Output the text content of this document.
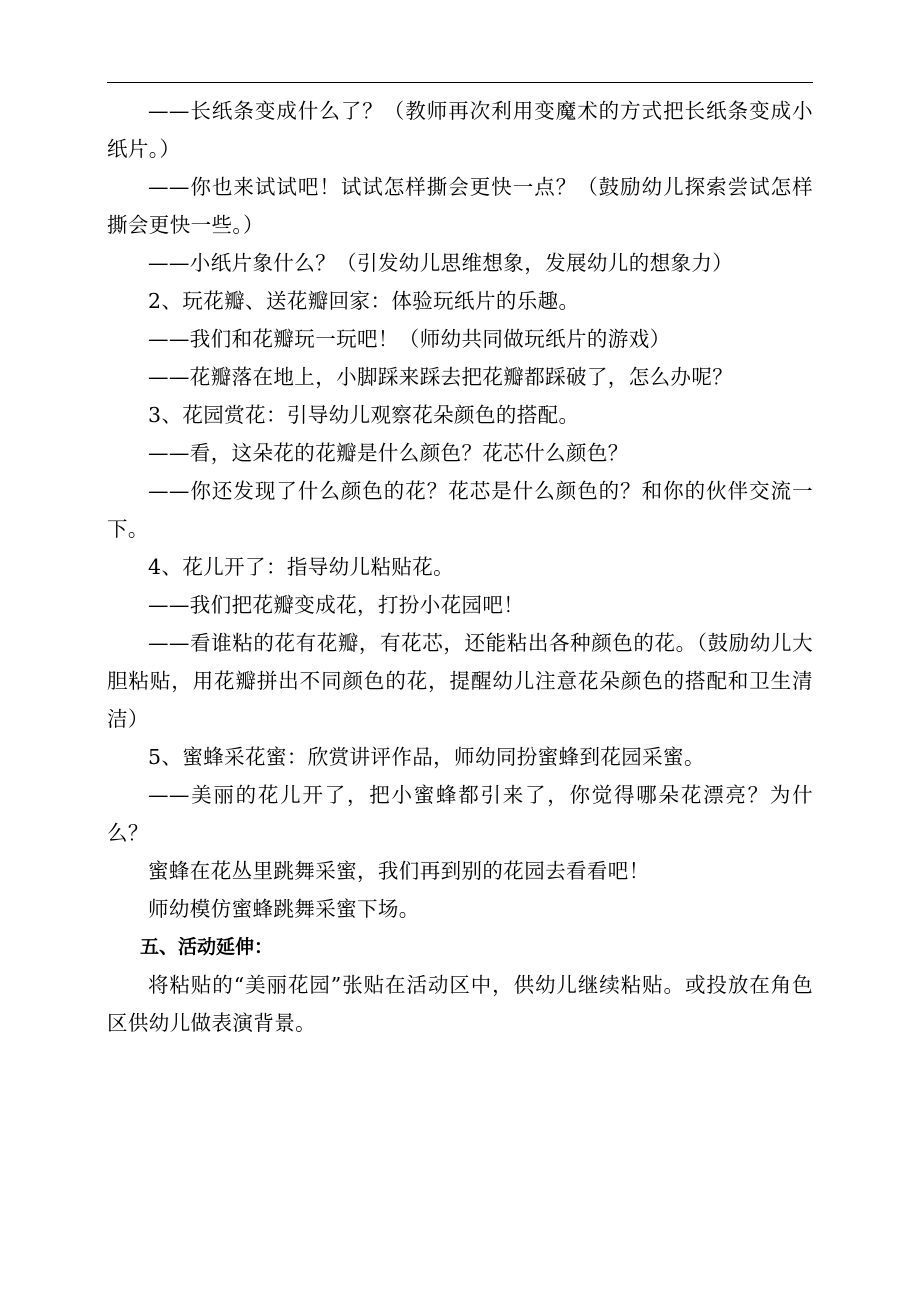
——长纸条变成什么了？（教师再次利用变魔术的方式把长纸条变成小纸片。）

——你也来试试吧！试试怎样撕会更快一点？（鼓励幼儿探索尝试怎样撕会更快一些。）

——小纸片象什么？（引发幼儿思维想象，发展幼儿的想象力）

2、玩花瓣、送花瓣回家：体验玩纸片的乐趣。

——我们和花瓣玩一玩吧！（师幼共同做玩纸片的游戏）

——花瓣落在地上，小脚踩来踩去把花瓣都踩破了，怎么办呢？

3、花园赏花：引导幼儿观察花朵颜色的搭配。

——看，这朵花的花瓣是什么颜色？花芯什么颜色？

——你还发现了什么颜色的花？花芯是什么颜色的？和你的伙伴交流一下。

4、花儿开了：指导幼儿粘贴花。

——我们把花瓣变成花，打扮小花园吧！

——看谁粘的花有花瓣，有花芯，还能粘出各种颜色的花。（鼓励幼儿大胆粘贴，用花瓣拼出不同颜色的花，提醒幼儿注意花朵颜色的搭配和卫生清洁）

5、蜜蜂采花蜜：欣赏讲评作品，师幼同扮蜜蜂到花园采蜜。

——美丽的花儿开了，把小蜜蜂都引来了，你觉得哪朵花漂亮？为什么？

蜜蜂在花丛里跳舞采蜜，我们再到别的花园去看看吧！

师幼模仿蜜蜂跳舞采蜜下场。

五、活动延伸：

将粘贴的“美丽花园”张贴在活动区中，供幼儿继续粘贴。或投放在角色区供幼儿做表演背景。
